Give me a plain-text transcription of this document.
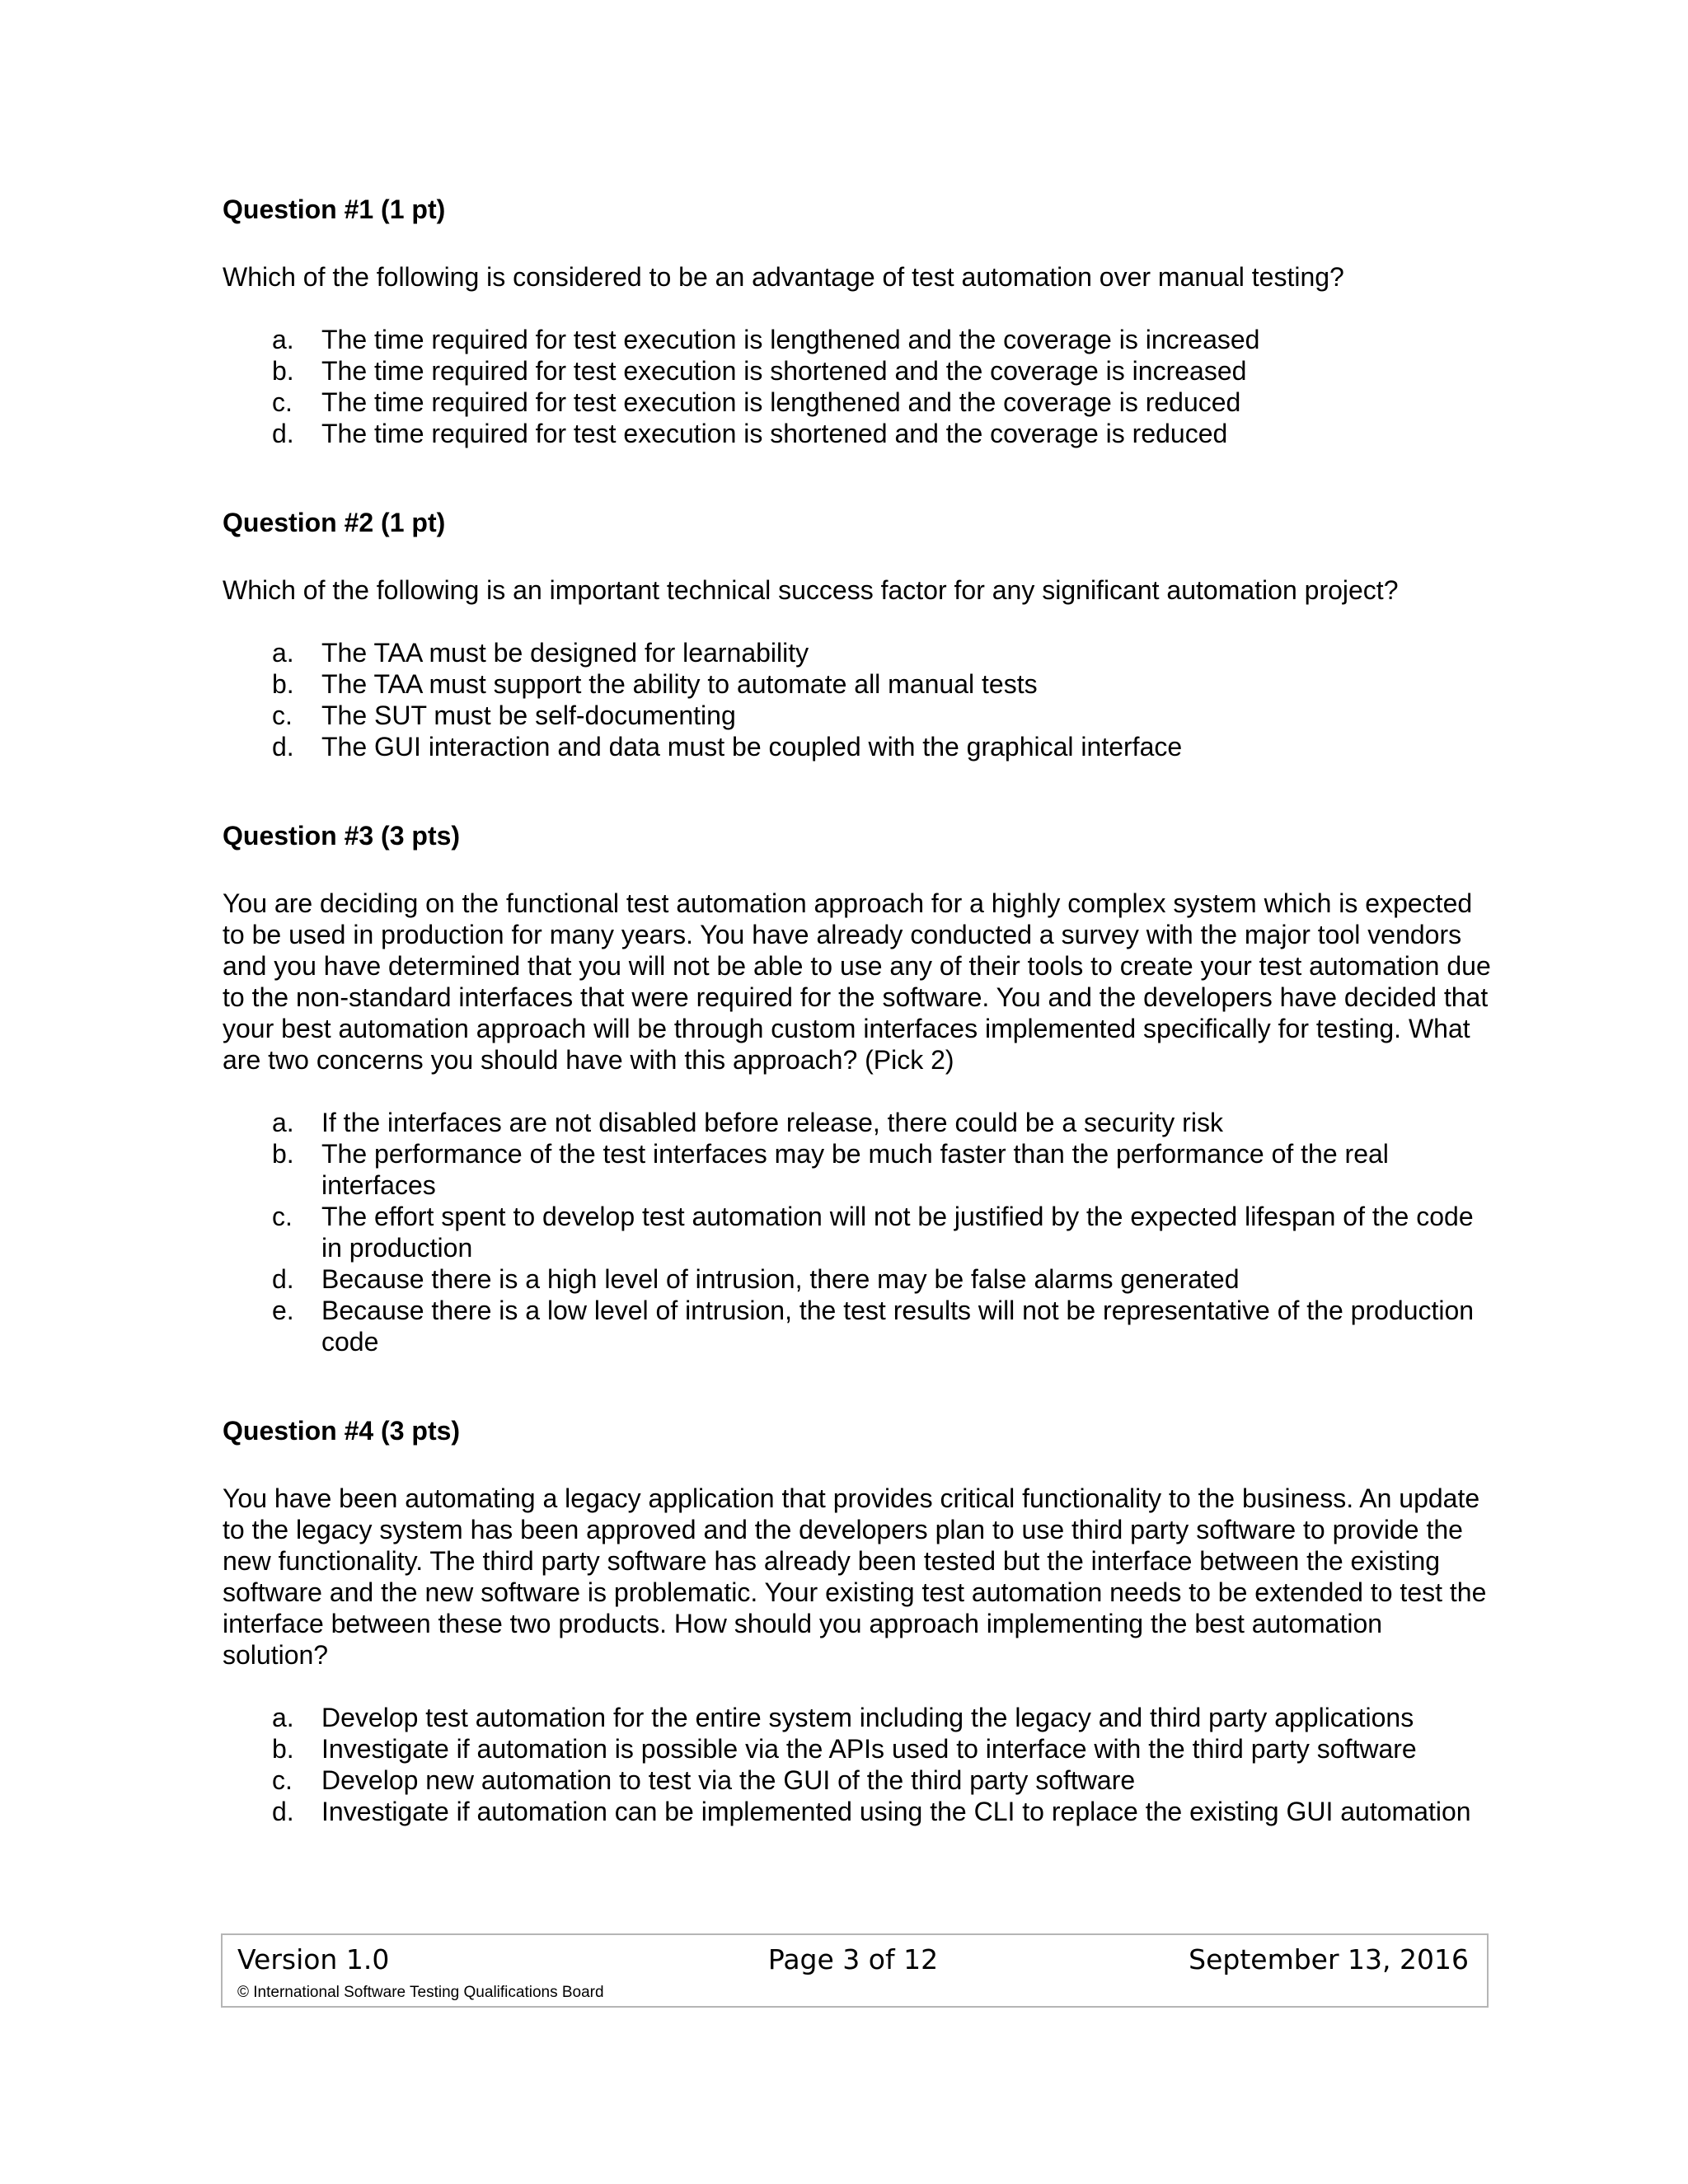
Question #1 (1 pt)

Which of the following is considered to be an advantage of test automation over manual testing?

a.	The time required for test execution is lengthened and the coverage is increased
b.	The time required for test execution is shortened and the coverage is increased
c.	The time required for test execution is lengthened and the coverage is reduced
d.	The time required for test execution is shortened and the coverage is reduced
Question #2 (1 pt)

Which of the following is an important technical success factor for any significant automation project?

a.	The TAA must be designed for learnability
b.	The TAA must support the ability to automate all manual tests
c.	The SUT must be self-documenting
d.	The GUI interaction and data must be coupled with the graphical interface
Question #3 (3 pts)

You are deciding on the functional test automation approach for a highly complex system which is expected to be used in production for many years. You have already conducted a survey with the major tool vendors and you have determined that you will not be able to use any of their tools to create your test automation due to the non-standard interfaces that were required for the software. You and the developers have decided that your best automation approach will be through custom interfaces implemented specifically for testing. What are two concerns you should have with this approach? (Pick 2)

a.	If the interfaces are not disabled before release, there could be a security risk
b.	The performance of the test interfaces may be much faster than the performance of the real interfaces
c.	The effort spent to develop test automation will not be justified by the expected lifespan of the code in production
d.	Because there is a high level of intrusion, there may be false alarms generated
e.	Because there is a low level of intrusion, the test results will not be representative of the production code
Question #4 (3 pts)

You have been automating a legacy application that provides critical functionality to the business. An update to the legacy system has been approved and the developers plan to use third party software to provide the new functionality. The third party software has already been tested but the interface between the existing software and the new software is problematic. Your existing test automation needs to be extended to test the interface between these two products. How should you approach implementing the best automation solution?

a.	Develop test automation for the entire system including the legacy and third party applications
b.	Investigate if automation is possible via the APIs used to interface with the third party software
c.	Develop new automation to test via the GUI of the third party software
d.	Investigate if automation can be implemented using the CLI to replace the existing GUI automation
Version 1.0	Page 3 of 12	September 13, 2016
© International Software Testing Qualifications Board
